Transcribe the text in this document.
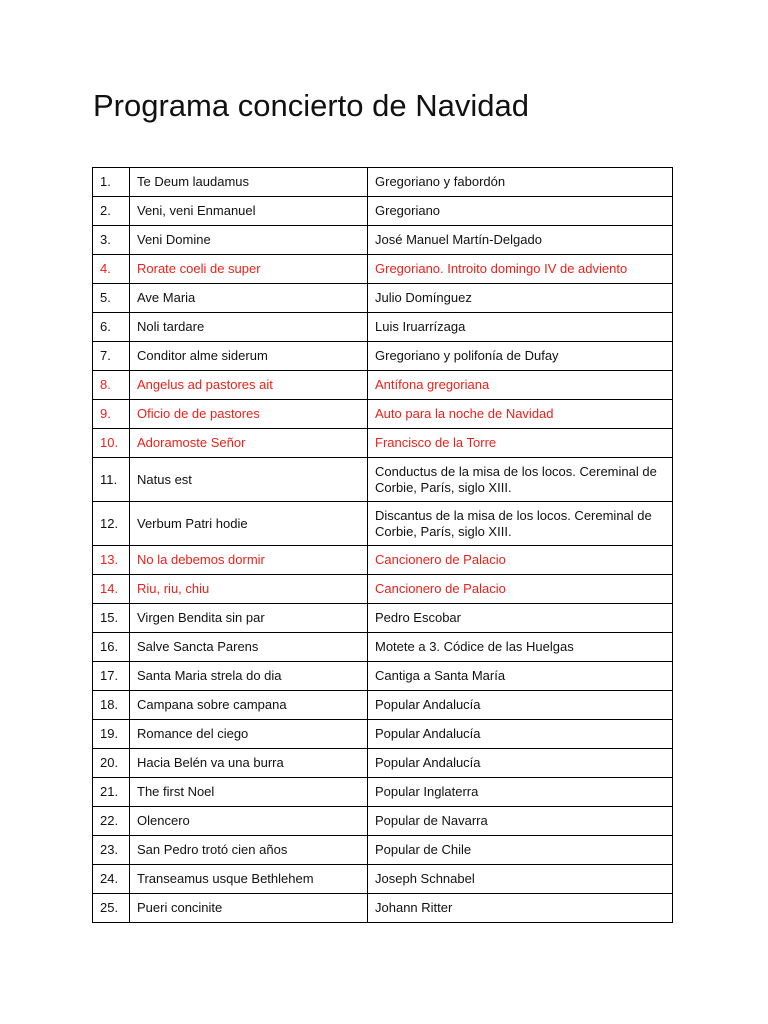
Programa concierto de Navidad
1.	Te Deum laudamus	Gregoriano y fabordón
2.	Veni, veni Enmanuel	Gregoriano
3.	Veni Domine	José Manuel Martín-Delgado
4.	Rorate coeli de super	Gregoriano. Introito domingo IV de adviento
5.	Ave Maria	Julio Domínguez
6.	Noli tardare	Luis Iruarrízaga
7.	Conditor alme siderum	Gregoriano y polifonía de Dufay
8.	Angelus ad pastores ait	Antífona gregoriana
9.	Oficio de de pastores	Auto para la noche de Navidad
10.	Adoramoste Señor	Francisco de la Torre
11.	Natus est	Conductus de la misa de los locos. Cereminal de Corbie, París, siglo XIII.
12.	Verbum Patri hodie	Discantus de la misa de los locos. Cereminal de Corbie, París, siglo XIII.
13.	No la debemos dormir	Cancionero de Palacio
14.	Riu, riu, chiu	Cancionero de Palacio
15.	Virgen Bendita sin par	Pedro Escobar
16.	Salve Sancta Parens	Motete a 3. Códice de las Huelgas
17.	Santa Maria strela do dia	Cantiga a Santa María
18.	Campana sobre campana	Popular Andalucía
19.	Romance del ciego	Popular Andalucía
20.	Hacia Belén va una burra	Popular Andalucía
21.	The first Noel	Popular Inglaterra
22.	Olencero	Popular de Navarra
23.	San Pedro trotó cien años	Popular de Chile
24.	Transeamus usque Bethlehem	Joseph Schnabel
25.	Pueri concinite	Johann Ritter
